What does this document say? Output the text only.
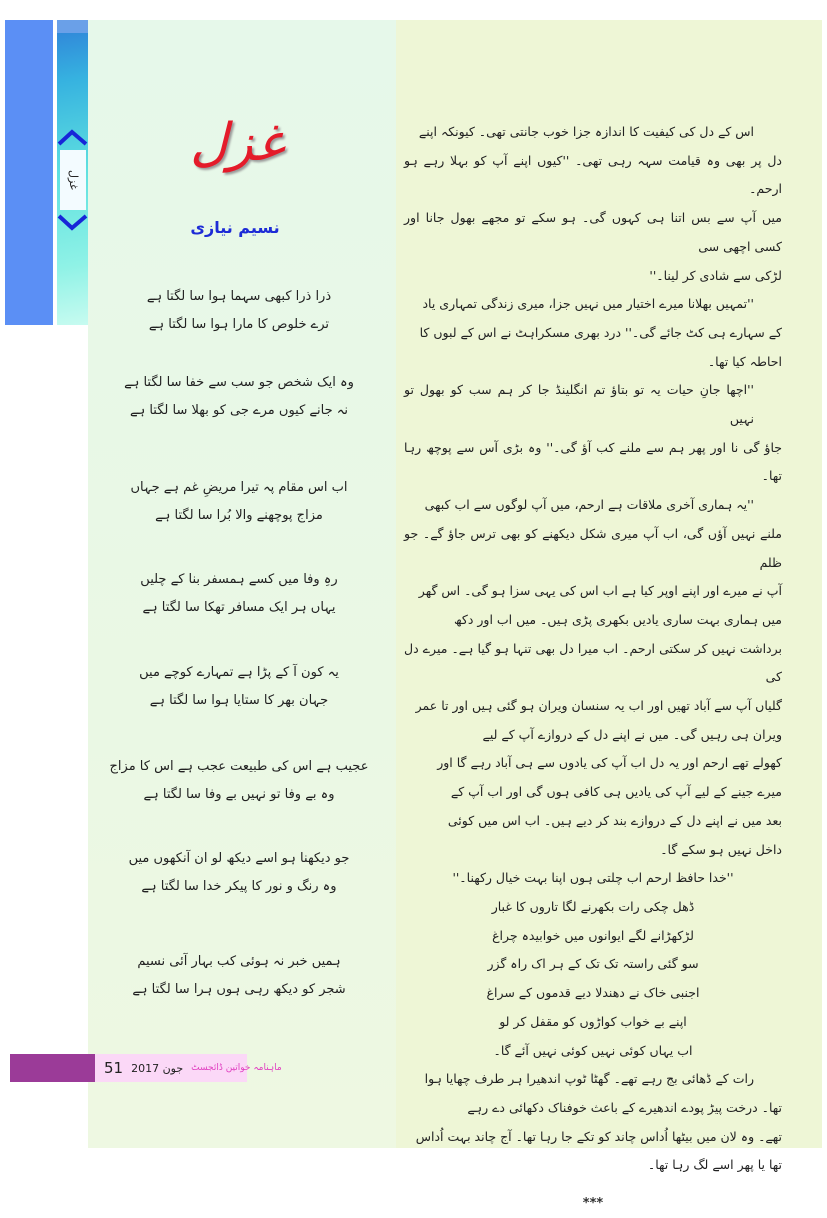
غزل
غزل
نسیم نیازی
ذرا ذرا کبھی سہما ہوا سا لگتا ہے
ترے خلوص کا مارا ہوا سا لگتا ہے
وہ ایک شخص جو سب سے خفا سا لگتا ہے
نہ جانے کیوں مرے جی کو بھلا سا لگتا ہے
اب اس مقام پہ تیرا مریضِ غم ہے جہاں
مزاج پوچھنے والا بُرا سا لگتا ہے
رہِ وفا میں کسے ہمسفر بنا کے چلیں
یہاں ہر ایک مسافر تھکا سا لگتا ہے
یہ کون آ کے پڑا ہے تمہارے کوچے میں
جہان بھر کا ستایا ہوا سا لگتا ہے
عجیب ہے اس کی طبیعت عجب ہے اس کا مزاج
وہ بے وفا تو نہیں بے وفا سا لگتا ہے
جو دیکھنا ہو اسے دیکھ لو ان آنکھوں میں
وہ رنگ و نور کا پیکر خدا سا لگتا ہے
ہمیں خبر نہ ہوئی کب بہار آئی نسیم
شجر کو دیکھ رہی ہوں ہرا سا لگتا ہے
اس کے دل کی کیفیت کا اندازہ جزا خوب جانتی تھی۔ کیونکہ اپنے
دل پر بھی وہ قیامت سہہ رہی تھی۔ ''کیوں اپنے آپ کو بہلا رہے ہو ارحم۔
میں آپ سے بس اتنا ہی کہوں گی۔ ہو سکے تو مجھے بھول جانا اور کسی اچھی سی
لڑکی سے شادی کر لینا۔''
''تمہیں بھلانا میرے اختیار میں نہیں جزا، میری زندگی تمہاری یاد
کے سہارے ہی کٹ جائے گی۔'' درد بھری مسکراہٹ نے اس کے لبوں کا
احاطہ کیا تھا۔
''اچھا جانِ حیات یہ تو بتاؤ تم انگلینڈ جا کر ہم سب کو بھول تو نہیں
جاؤ گی نا اور پھر ہم سے ملنے کب آؤ گی۔'' وہ بڑی آس سے پوچھ رہا تھا۔
''یہ ہماری آخری ملاقات ہے ارحم، میں آپ لوگوں سے اب کبھی
ملنے نہیں آؤں گی، اب آپ میری شکل دیکھنے کو بھی ترس جاؤ گے۔ جو ظلم
آپ نے میرے اور اپنے اوپر کیا ہے اب اس کی یہی سزا ہو گی۔ اس گھر
میں ہماری بہت ساری یادیں بکھری پڑی ہیں۔ میں اب اور دکھ
برداشت نہیں کر سکتی ارحم۔ اب میرا دل بھی تنہا ہو گیا ہے۔ میرے دل کی
گلیاں آپ سے آباد تھیں اور اب یہ سنسان ویران ہو گئی ہیں اور تا عمر
ویران ہی رہیں گی۔ میں نے اپنے دل کے دروازے آپ کے لیے
کھولے تھے ارحم اور یہ دل اب آپ کی یادوں سے ہی آباد رہے گا اور
میرے جینے کے لیے آپ کی یادیں ہی کافی ہوں گی اور اب آپ کے
بعد میں نے اپنے دل کے دروازے بند کر دیے ہیں۔ اب اس میں کوئی
داخل نہیں ہو سکے گا۔
''خدا حافظ ارحم اب چلتی ہوں اپنا بہت خیال رکھنا۔''
ڈھل چکی رات بکھرنے لگا تاروں کا غبار
لڑکھڑانے لگے ایوانوں میں خوابیدہ چراغ
سو گئی راستہ تک تک کے ہر اک راہ گزر
اجنبی خاک نے دھندلا دیے قدموں کے سراغ
اپنے بے خواب کواڑوں کو مقفل کر لو
اب یہاں کوئی نہیں کوئی نہیں آئے گا۔
رات کے ڈھائی بج رہے تھے۔ گھٹا ٹوپ اندھیرا ہر طرف چھایا ہوا
تھا۔ درخت پیڑ پودے اندھیرے کے باعث خوفناک دکھائی دے رہے
تھے۔ وہ لان میں بیٹھا اُداس چاند کو تکے جا رہا تھا۔ آج چاند بہت اُداس
تھا یا پھر اسے لگ رہا تھا۔
***
51 جون 2017 ماہنامہ خواتین ڈائجسٹ
